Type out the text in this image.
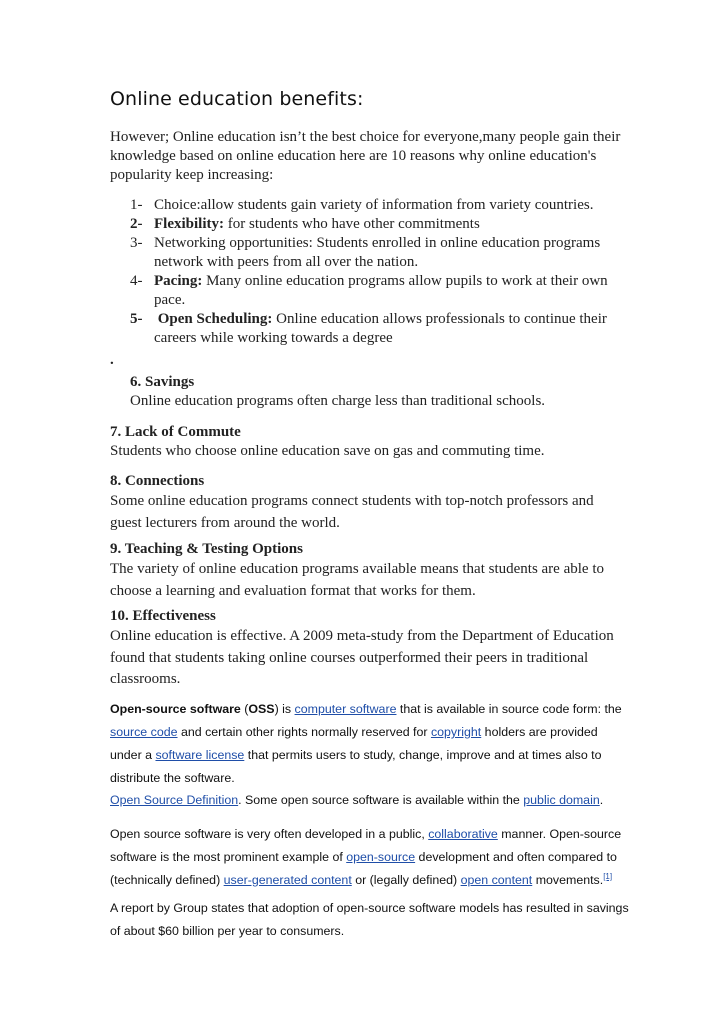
Online education benefits:

However; Online education isn’t the best choice for everyone,many people gain their knowledge based on online education here are 10 reasons why online education's popularity keep increasing:

1- Choice:allow students gain variety of information from variety countries.
2- Flexibility: for students who have other commitments
3- Networking opportunities: Students enrolled in online education programs network with peers from all over the nation.
4- Pacing: Many online education programs allow pupils to work at their own pace.
5- Open Scheduling: Online education allows professionals to continue their careers while working towards a degree
.
6. Savings
Online education programs often charge less than traditional schools.
7. Lack of Commute
Students who choose online education save on gas and commuting time.
8. Connections
Some online education programs connect students with top-notch professors and guest lecturers from around the world.
9. Teaching & Testing Options
The variety of online education programs available means that students are able to choose a learning and evaluation format that works for them.
10. Effectiveness
Online education is effective. A 2009 meta-study from the Department of Education found that students taking online courses outperformed their peers in traditional classrooms.

Open-source software (OSS) is computer software that is available in source code form: the source code and certain other rights normally reserved for copyright holders are provided under a software license that permits users to study, change, improve and at times also to distribute the software.

Open Source Definition. Some open source software is available within the public domain.

Open source software is very often developed in a public, collaborative manner. Open-source software is the most prominent example of open-source development and often compared to (technically defined) user-generated content or (legally defined) open content movements.[1]

A report by Group states that adoption of open-source software models has resulted in savings of about $60 billion per year to consumers.
